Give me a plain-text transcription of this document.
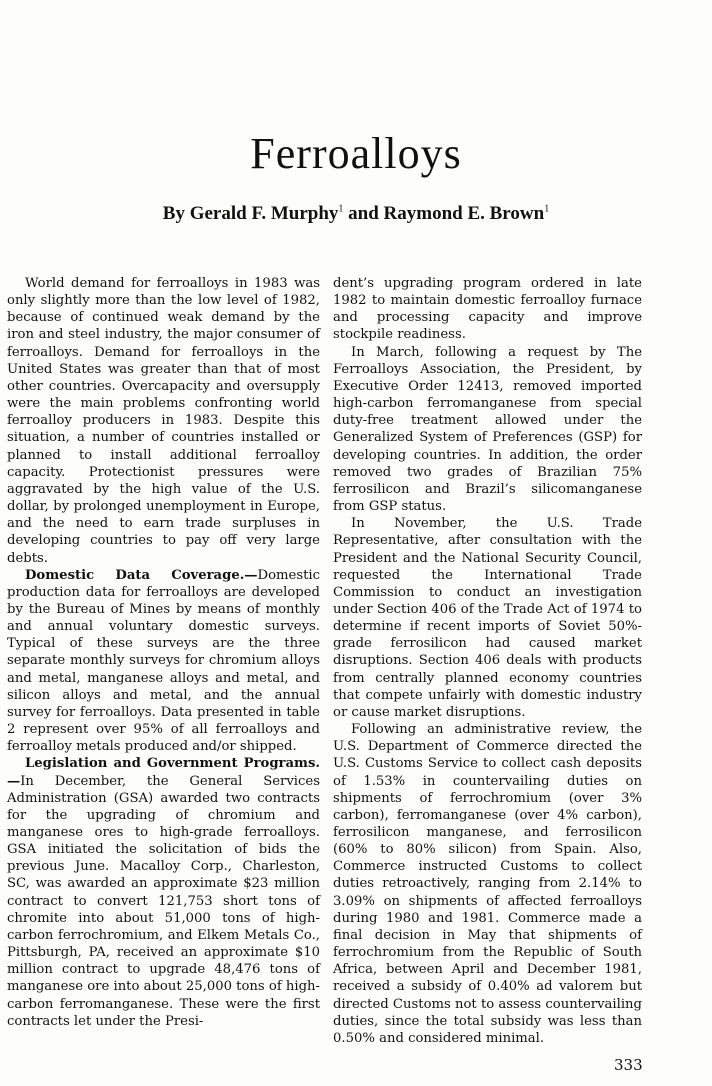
Ferroalloys

By Gerald F. Murphy$^1$ and Raymond E. Brown$^1$

World demand for ferroalloys in 1983 was only slightly more than the low level of 1982, because of continued weak demand by the iron and steel industry, the major consumer of ferroalloys. Demand for ferroalloys in the United States was greater than that of most other countries. Overcapacity and oversupply were the main problems confronting world ferroalloy producers in 1983. Despite this situation, a number of countries installed or planned to install additional ferroalloy capacity. Protectionist pressures were aggravated by the high value of the U.S. dollar, by prolonged unemployment in Europe, and the need to earn trade surpluses in developing countries to pay off very large debts.

Domestic Data Coverage.—Domestic production data for ferroalloys are developed by the Bureau of Mines by means of monthly and annual voluntary domestic surveys. Typical of these surveys are the three separate monthly surveys for chromium alloys and metal, manganese alloys and metal, and silicon alloys and metal, and the annual survey for ferroalloys. Data presented in table 2 represent over 95% of all ferroalloys and ferroalloy metals produced and/or shipped.

Legislation and Government Programs.—In December, the General Services Administration (GSA) awarded two contracts for the upgrading of chromium and manganese ores to high-grade ferroalloys. GSA initiated the solicitation of bids the previous June. Macalloy Corp., Charleston, SC, was awarded an approximate $23 million contract to convert 121,753 short tons of chromite into about 51,000 tons of high-carbon ferrochromium, and Elkem Metals Co., Pittsburgh, PA, received an approximate $10 million contract to upgrade 48,476 tons of manganese ore into about 25,000 tons of high-carbon ferromanganese. These were the first contracts let under the Presi-

dent’s upgrading program ordered in late 1982 to maintain domestic ferroalloy furnace and processing capacity and improve stockpile readiness.

In March, following a request by The Ferroalloys Association, the President, by Executive Order 12413, removed imported high-carbon ferromanganese from special duty-free treatment allowed under the Generalized System of Preferences (GSP) for developing countries. In addition, the order removed two grades of Brazilian 75% ferrosilicon and Brazil’s silicomanganese from GSP status.

In November, the U.S. Trade Representative, after consultation with the President and the National Security Council, requested the International Trade Commission to conduct an investigation under Section 406 of the Trade Act of 1974 to determine if recent imports of Soviet 50%-grade ferrosilicon had caused market disruptions. Section 406 deals with products from centrally planned economy countries that compete unfairly with domestic industry or cause market disruptions.

Following an administrative review, the U.S. Department of Commerce directed the U.S. Customs Service to collect cash deposits of 1.53% in countervailing duties on shipments of ferrochromium (over 3% carbon), ferromanganese (over 4% carbon), ferrosilicon manganese, and ferrosilicon (60% to 80% silicon) from Spain. Also, Commerce instructed Customs to collect duties retroactively, ranging from 2.14% to 3.09% on shipments of affected ferroalloys during 1980 and 1981. Commerce made a final decision in May that shipments of ferrochromium from the Republic of South Africa, between April and December 1981, received a subsidy of 0.40% ad valorem but directed Customs not to assess countervailing duties, since the total subsidy was less than 0.50% and considered minimal.

333
